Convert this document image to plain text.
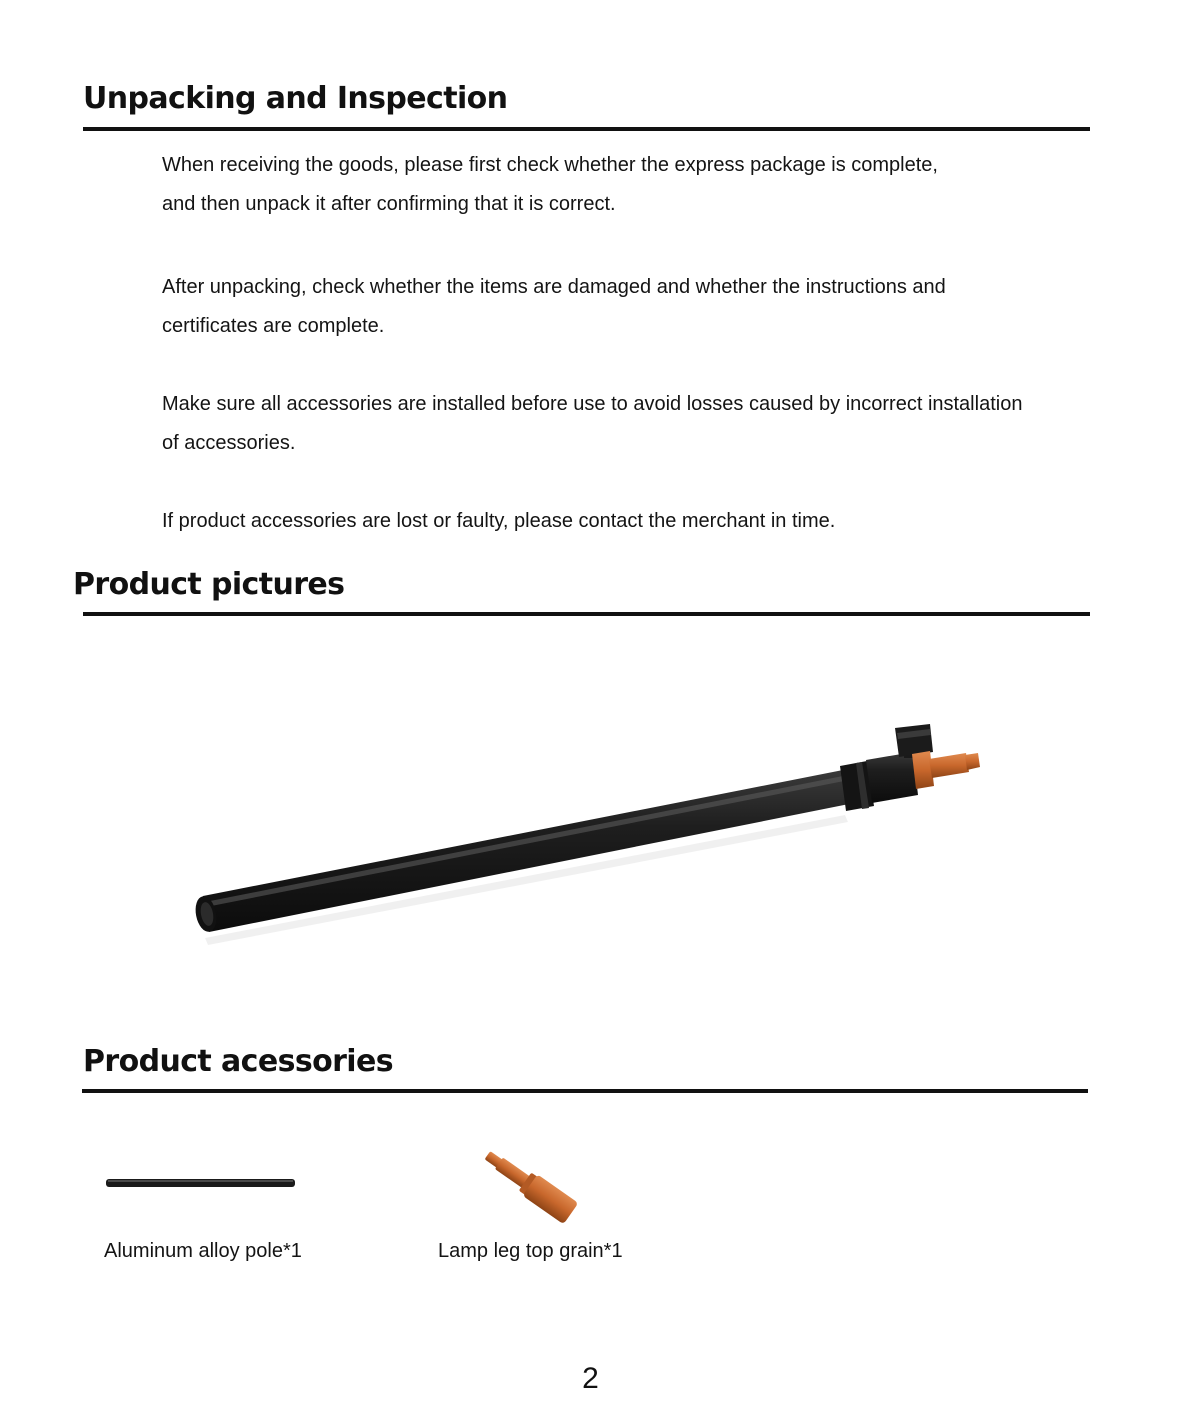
Unpacking and Inspection

When receiving the goods, please first check whether the express package is complete,
and then unpack it after confirming that it is correct.

After unpacking, check whether the items are damaged and whether the instructions and
certificates are complete.

Make sure all accessories are installed before use to avoid losses caused by incorrect installation
of accessories.

If product accessories are lost or faulty, please contact the merchant in time.

Product pictures
Product acessories
Aluminum alloy pole*1	Lamp leg top grain*1
2
